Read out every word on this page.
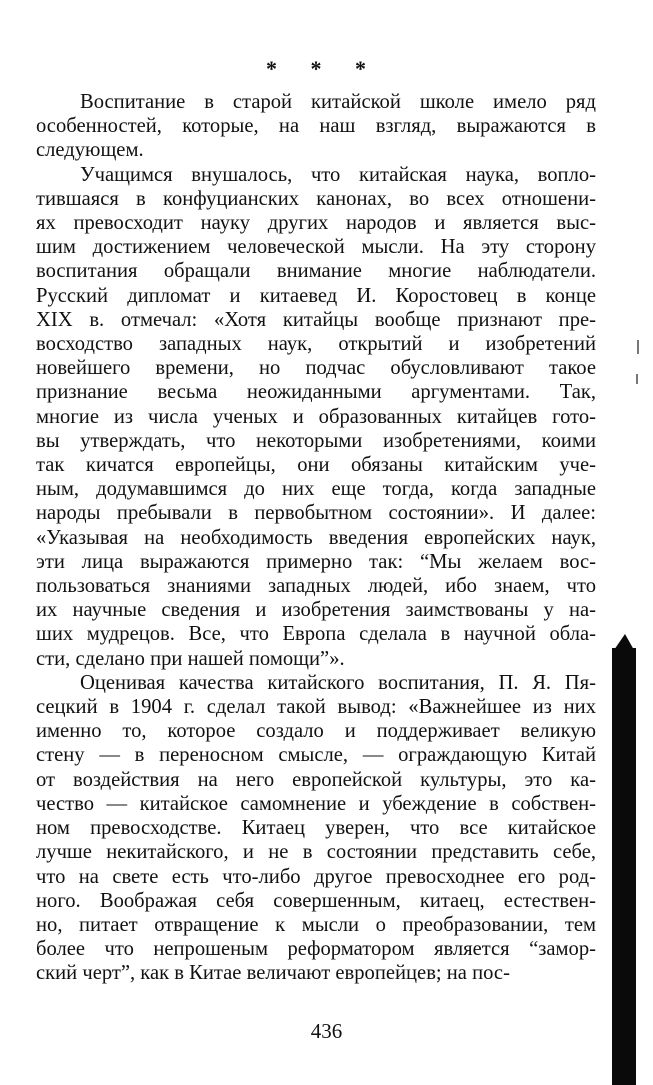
* * *
Воспитание в старой китайской школе имело ряд
особенностей, которые, на наш взгляд, выражаются в
следующем.
Учащимся внушалось, что китайская наука, вопло-
тившаяся в конфуцианских канонах, во всех отношени-
ях превосходит науку других народов и является выс-
шим достижением человеческой мысли. На эту сторону
воспитания обращали внимание многие наблюдатели.
Русский дипломат и китаевед И. Коростовец в конце
XIX в. отмечал: «Хотя китайцы вообще признают пре-
восходство западных наук, открытий и изобретений
новейшего времени, но подчас обусловливают такое
признание весьма неожиданными аргументами. Так,
многие из числа ученых и образованных китайцев гото-
вы утверждать, что некоторыми изобретениями, коими
так кичатся европейцы, они обязаны китайским уче-
ным, додумавшимся до них еще тогда, когда западные
народы пребывали в первобытном состоянии». И далее:
«Указывая на необходимость введения европейских наук,
эти лица выражаются примерно так: “Мы желаем вос-
пользоваться знаниями западных людей, ибо знаем, что
их научные сведения и изобретения заимствованы у на-
ших мудрецов. Все, что Европа сделала в научной обла-
сти, сделано при нашей помощи”».
Оценивая качества китайского воспитания, П. Я. Пя-
сецкий в 1904 г. сделал такой вывод: «Важнейшее из них
именно то, которое создало и поддерживает великую
стену — в переносном смысле, — ограждающую Китай
от воздействия на него европейской культуры, это ка-
чество — китайское самомнение и убеждение в собствен-
ном превосходстве. Китаец уверен, что все китайское
лучше некитайского, и не в состоянии представить себе,
что на свете есть что-либо другое превосходнее его род-
ного. Воображая себя совершенным, китаец, естествен-
но, питает отвращение к мысли о преобразовании, тем
более что непрошеным реформатором является “замор-
ский черт”, как в Китае величают европейцев; на пос-
436
